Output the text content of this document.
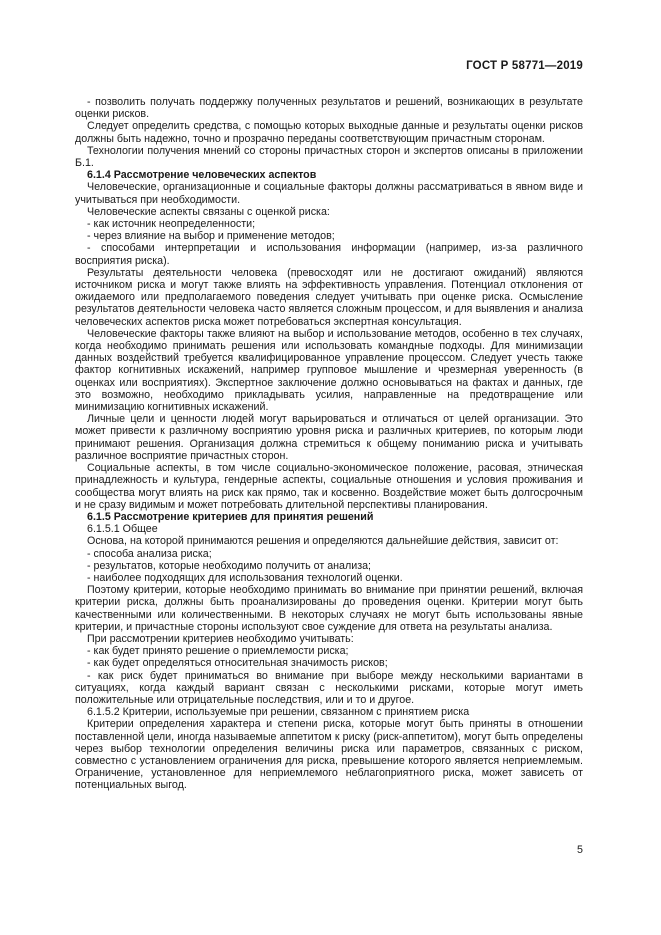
ГОСТ Р 58771—2019

- позволить получать поддержку полученных результатов и решений, возникающих в результате оценки рисков.

Следует определить средства, с помощью которых выходные данные и результаты оценки рисков должны быть надежно, точно и прозрачно переданы соответствующим причастным сторонам.

Технологии получения мнений со стороны причастных сторон и экспертов описаны в приложении Б.1.

6.1.4 Рассмотрение человеческих аспектов

Человеческие, организационные и социальные факторы должны рассматриваться в явном виде и учитываться при необходимости.

Человеческие аспекты связаны с оценкой риска:

- как источник неопределенности;

- через влияние на выбор и применение методов;

- способами интерпретации и использования информации (например, из-за различного восприятия риска).

Результаты деятельности человека (превосходят или не достигают ожиданий) являются источником риска и могут также влиять на эффективность управления. Потенциал отклонения от ожидаемого или предполагаемого поведения следует учитывать при оценке риска. Осмысление результатов деятельности человека часто является сложным процессом, и для выявления и анализа человеческих аспектов риска может потребоваться экспертная консультация.

Человеческие факторы также влияют на выбор и использование методов, особенно в тех случаях, когда необходимо принимать решения или использовать командные подходы. Для минимизации данных воздействий требуется квалифицированное управление процессом. Следует учесть также фактор когнитивных искажений, например групповое мышление и чрезмерная уверенность (в оценках или восприятиях). Экспертное заключение должно основываться на фактах и данных, где это возможно, необходимо прикладывать усилия, направленные на предотвращение или минимизацию когнитивных искажений.

Личные цели и ценности людей могут варьироваться и отличаться от целей организации. Это может привести к различному восприятию уровня риска и различных критериев, по которым люди принимают решения. Организация должна стремиться к общему пониманию риска и учитывать различное восприятие причастных сторон.

Социальные аспекты, в том числе социально-экономическое положение, расовая, этническая принадлежность и культура, гендерные аспекты, социальные отношения и условия проживания и сообщества могут влиять на риск как прямо, так и косвенно. Воздействие может быть долгосрочным и не сразу видимым и может потребовать длительной перспективы планирования.

6.1.5 Рассмотрение критериев для принятия решений

6.1.5.1 Общее

Основа, на которой принимаются решения и определяются дальнейшие действия, зависит от:

- способа анализа риска;

- результатов, которые необходимо получить от анализа;

- наиболее подходящих для использования технологий оценки.

Поэтому критерии, которые необходимо принимать во внимание при принятии решений, включая критерии риска, должны быть проанализированы до проведения оценки. Критерии могут быть качественными или количественными. В некоторых случаях не могут быть использованы явные критерии, и причастные стороны используют свое суждение для ответа на результаты анализа.

При рассмотрении критериев необходимо учитывать:

- как будет принято решение о приемлемости риска;

- как будет определяться относительная значимость рисков;

- как риск будет приниматься во внимание при выборе между несколькими вариантами в ситуациях, когда каждый вариант связан с несколькими рисками, которые могут иметь положительные или отрицательные последствия, или и то и другое.

6.1.5.2 Критерии, используемые при решении, связанном с принятием риска

Критерии определения характера и степени риска, которые могут быть приняты в отношении поставленной цели, иногда называемые аппетитом к риску (риск-аппетитом), могут быть определены через выбор технологии определения величины риска или параметров, связанных с риском, совместно с установлением ограничения для риска, превышение которого является неприемлемым. Ограничение, установленное для неприемлемого неблагоприятного риска, может зависеть от потенциальных выгод.

5
